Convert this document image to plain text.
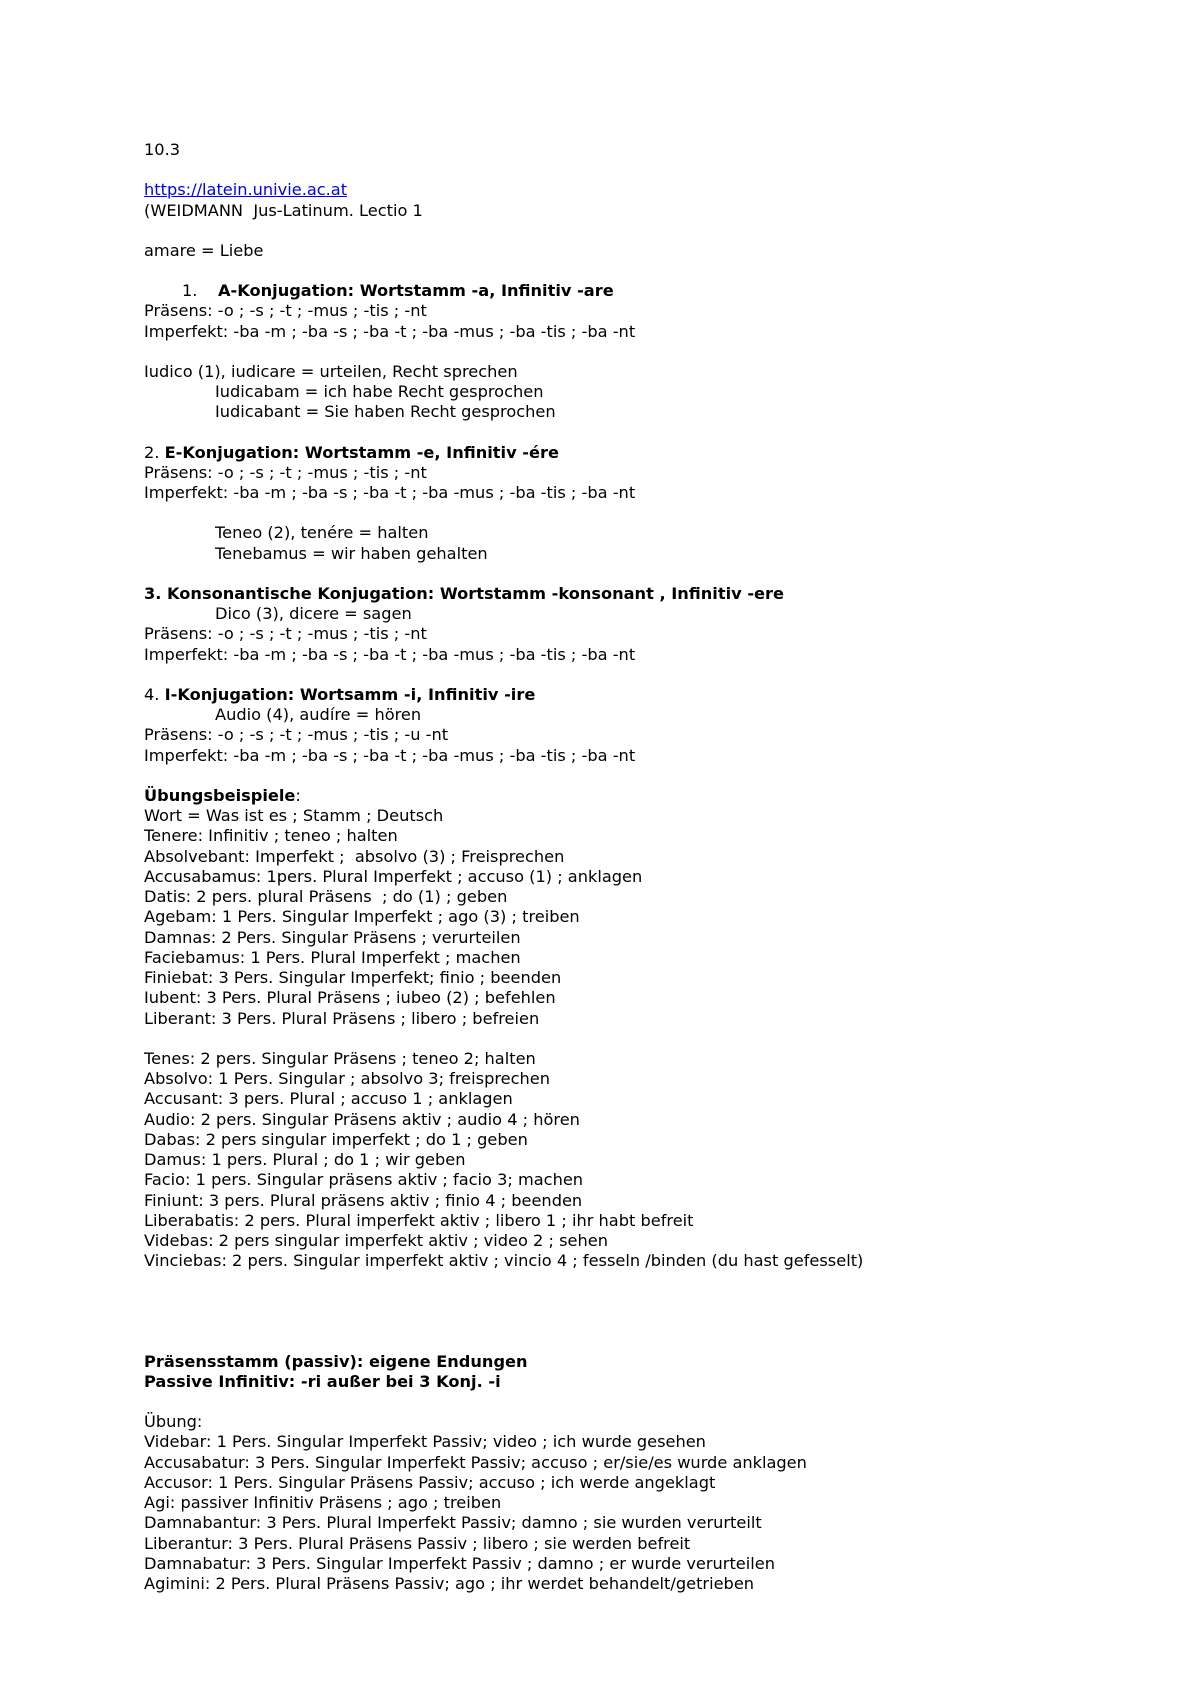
10.3
https://latein.univie.ac.at
(WEIDMANN  Jus-Latinum. Lectio 1
amare = Liebe
1. A-Konjugation: Wortstamm -a, Infinitiv -are
Präsens: -o ; -s ; -t ; -mus ; -tis ; -nt
Imperfekt: -ba -m ; -ba -s ; -ba -t ; -ba -mus ; -ba -tis ; -ba -nt
Iudico (1), iudicare = urteilen, Recht sprechen
Iudicabam = ich habe Recht gesprochen
Iudicabant = Sie haben Recht gesprochen
2. E-Konjugation: Wortstamm -e, Infinitiv -ére
Präsens: -o ; -s ; -t ; -mus ; -tis ; -nt
Imperfekt: -ba -m ; -ba -s ; -ba -t ; -ba -mus ; -ba -tis ; -ba -nt
Teneo (2), tenére = halten
Tenebamus = wir haben gehalten
3. Konsonantische Konjugation: Wortstamm -konsonant , Infinitiv -ere
Dico (3), dicere = sagen
Präsens: -o ; -s ; -t ; -mus ; -tis ; -nt
Imperfekt: -ba -m ; -ba -s ; -ba -t ; -ba -mus ; -ba -tis ; -ba -nt
4. I-Konjugation: Wortsamm -i, Infinitiv -ire
Audio (4), audíre = hören
Präsens: -o ; -s ; -t ; -mus ; -tis ; -u -nt
Imperfekt: -ba -m ; -ba -s ; -ba -t ; -ba -mus ; -ba -tis ; -ba -nt
Übungsbeispiele:
Wort = Was ist es ; Stamm ; Deutsch
Tenere: Infinitiv ; teneo ; halten
Absolvebant: Imperfekt ;  absolvo (3) ; Freisprechen
Accusabamus: 1pers. Plural Imperfekt ; accuso (1) ; anklagen
Datis: 2 pers. plural Präsens  ; do (1) ; geben
Agebam: 1 Pers. Singular Imperfekt ; ago (3) ; treiben
Damnas: 2 Pers. Singular Präsens ; verurteilen
Faciebamus: 1 Pers. Plural Imperfekt ; machen
Finiebat: 3 Pers. Singular Imperfekt; finio ; beenden
Iubent: 3 Pers. Plural Präsens ; iubeo (2) ; befehlen
Liberant: 3 Pers. Plural Präsens ; libero ; befreien
Tenes: 2 pers. Singular Präsens ; teneo 2; halten
Absolvo: 1 Pers. Singular ; absolvo 3; freisprechen
Accusant: 3 pers. Plural ; accuso 1 ; anklagen
Audio: 2 pers. Singular Präsens aktiv ; audio 4 ; hören
Dabas: 2 pers singular imperfekt ; do 1 ; geben
Damus: 1 pers. Plural ; do 1 ; wir geben
Facio: 1 pers. Singular präsens aktiv ; facio 3; machen
Finiunt: 3 pers. Plural präsens aktiv ; finio 4 ; beenden
Liberabatis: 2 pers. Plural imperfekt aktiv ; libero 1 ; ihr habt befreit
Videbas: 2 pers singular imperfekt aktiv ; video 2 ; sehen
Vinciebas: 2 pers. Singular imperfekt aktiv ; vincio 4 ; fesseln /binden (du hast gefesselt)
Präsensstamm (passiv): eigene Endungen
Passive Infinitiv: -ri außer bei 3 Konj. -i
Übung:
Videbar: 1 Pers. Singular Imperfekt Passiv; video ; ich wurde gesehen
Accusabatur: 3 Pers. Singular Imperfekt Passiv; accuso ; er/sie/es wurde anklagen
Accusor: 1 Pers. Singular Präsens Passiv; accuso ; ich werde angeklagt
Agi: passiver Infinitiv Präsens ; ago ; treiben
Damnabantur: 3 Pers. Plural Imperfekt Passiv; damno ; sie wurden verurteilt
Liberantur: 3 Pers. Plural Präsens Passiv ; libero ; sie werden befreit
Damnabatur: 3 Pers. Singular Imperfekt Passiv ; damno ; er wurde verurteilen
Agimini: 2 Pers. Plural Präsens Passiv; ago ; ihr werdet behandelt/getrieben
